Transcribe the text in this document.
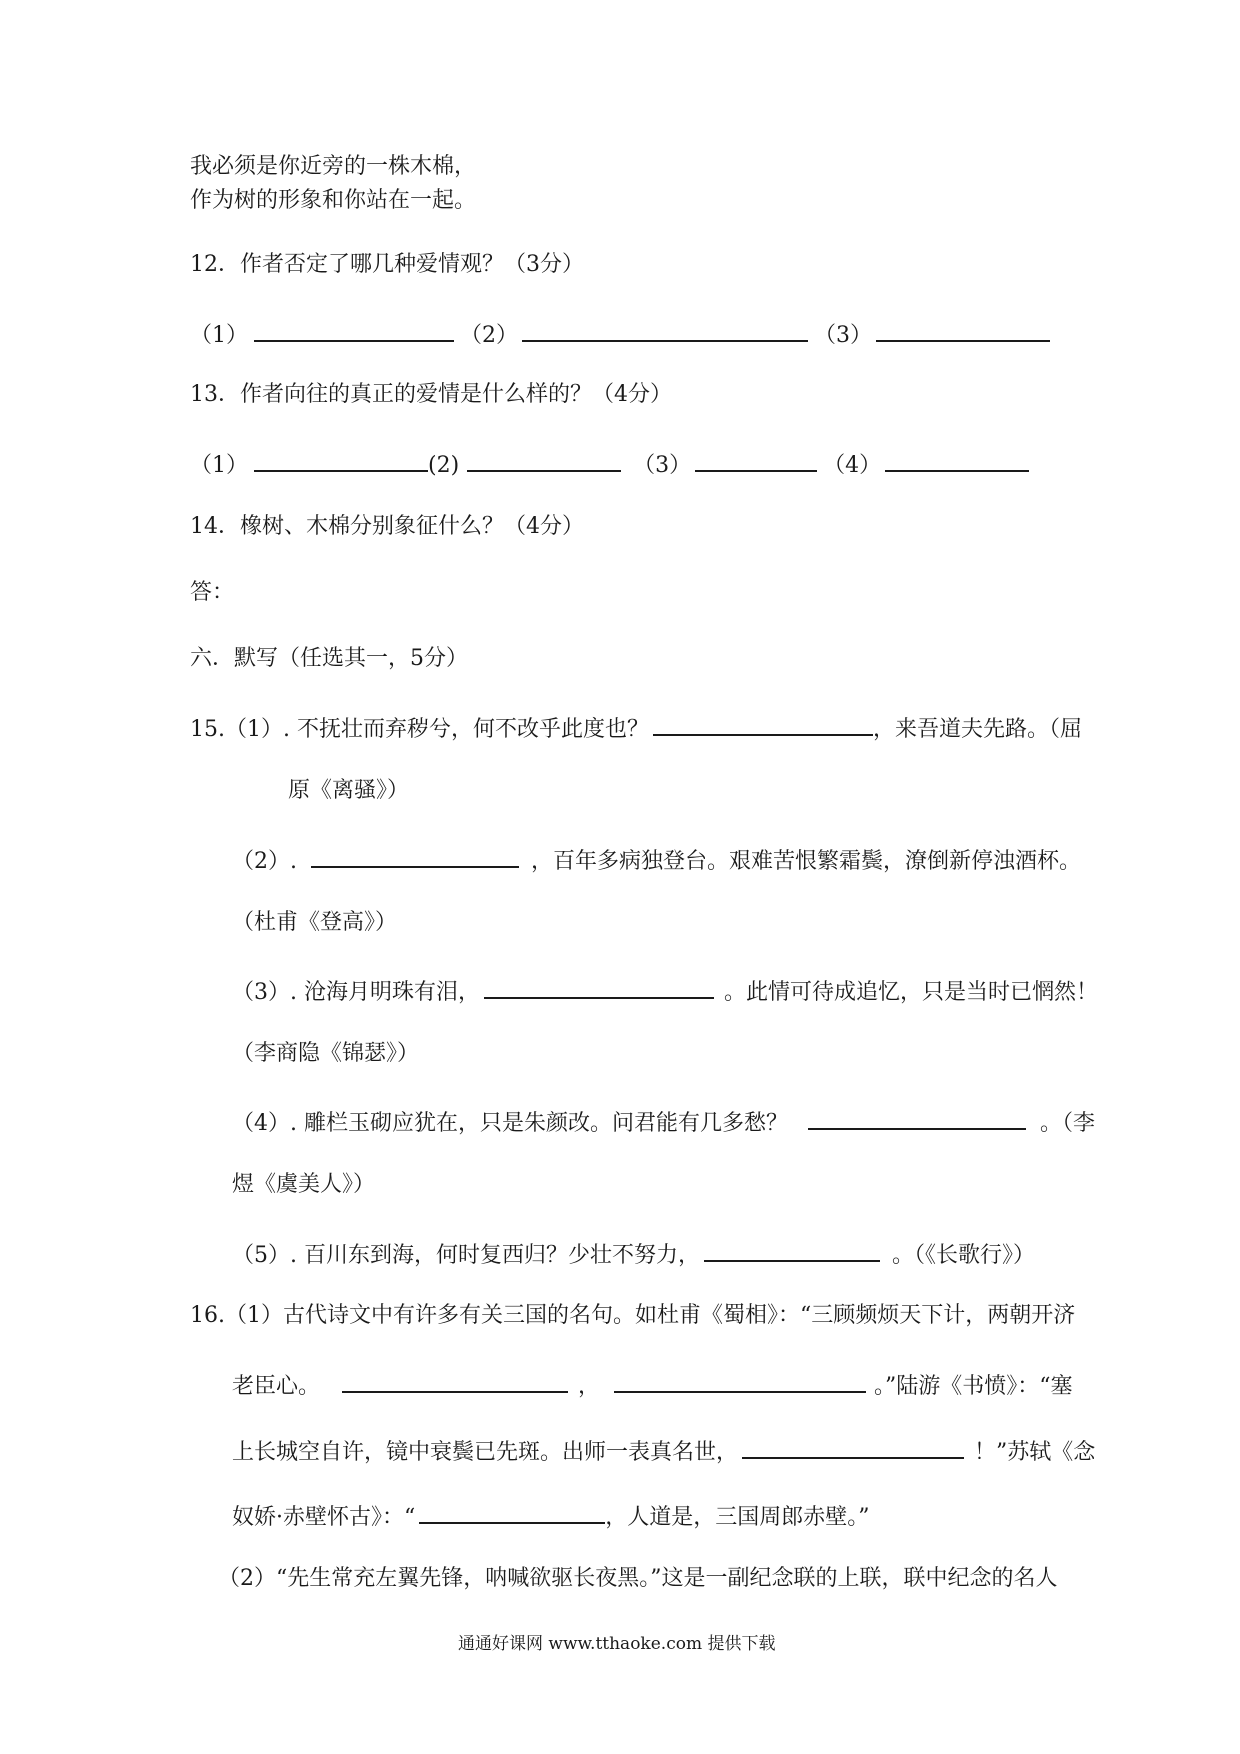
我必须是你近旁的一株木棉，
作为树的形象和你站在一起。
12．作者否定了哪几种爱情观？（3分）
（1）	（2）	（3）
13．作者向往的真正的爱情是什么样的？（4分）
（1）	(2)	（3）	（4）
14．橡树、木棉分别象征什么？（4分）
答：
六．默写（任选其一，5分）
15.（1）. 不抚壮而弃秽兮，何不改乎此度也？	，来吾道夫先路。（屈
原《离骚》）
（2）.	，百年多病独登台。艰难苦恨繁霜鬓，潦倒新停浊酒杯。
（杜甫《登高》）
（3）. 沧海月明珠有泪，	。此情可待成追忆，只是当时已惘然！
（李商隐《锦瑟》）
（4）. 雕栏玉砌应犹在，只是朱颜改。问君能有几多愁？	。（李
煜《虞美人》）
（5）. 百川东到海，何时复西归？少壮不努力，	。（《长歌行》）
16.（1）古代诗文中有许多有关三国的名句。如杜甫《蜀相》：“三顾频烦天下计，两朝开济
老臣心。	，	。”陆游《书愤》：“塞
上长城空自许，镜中衰鬓已先斑。出师一表真名世，	！”苏轼《念
奴娇·赤壁怀古》：“	，人道是，三国周郎赤壁。”
（2）“先生常充左翼先锋，呐喊欲驱长夜黑。”这是一副纪念联的上联，联中纪念的名人
通通好课网 www.tthaoke.com 提供下载
